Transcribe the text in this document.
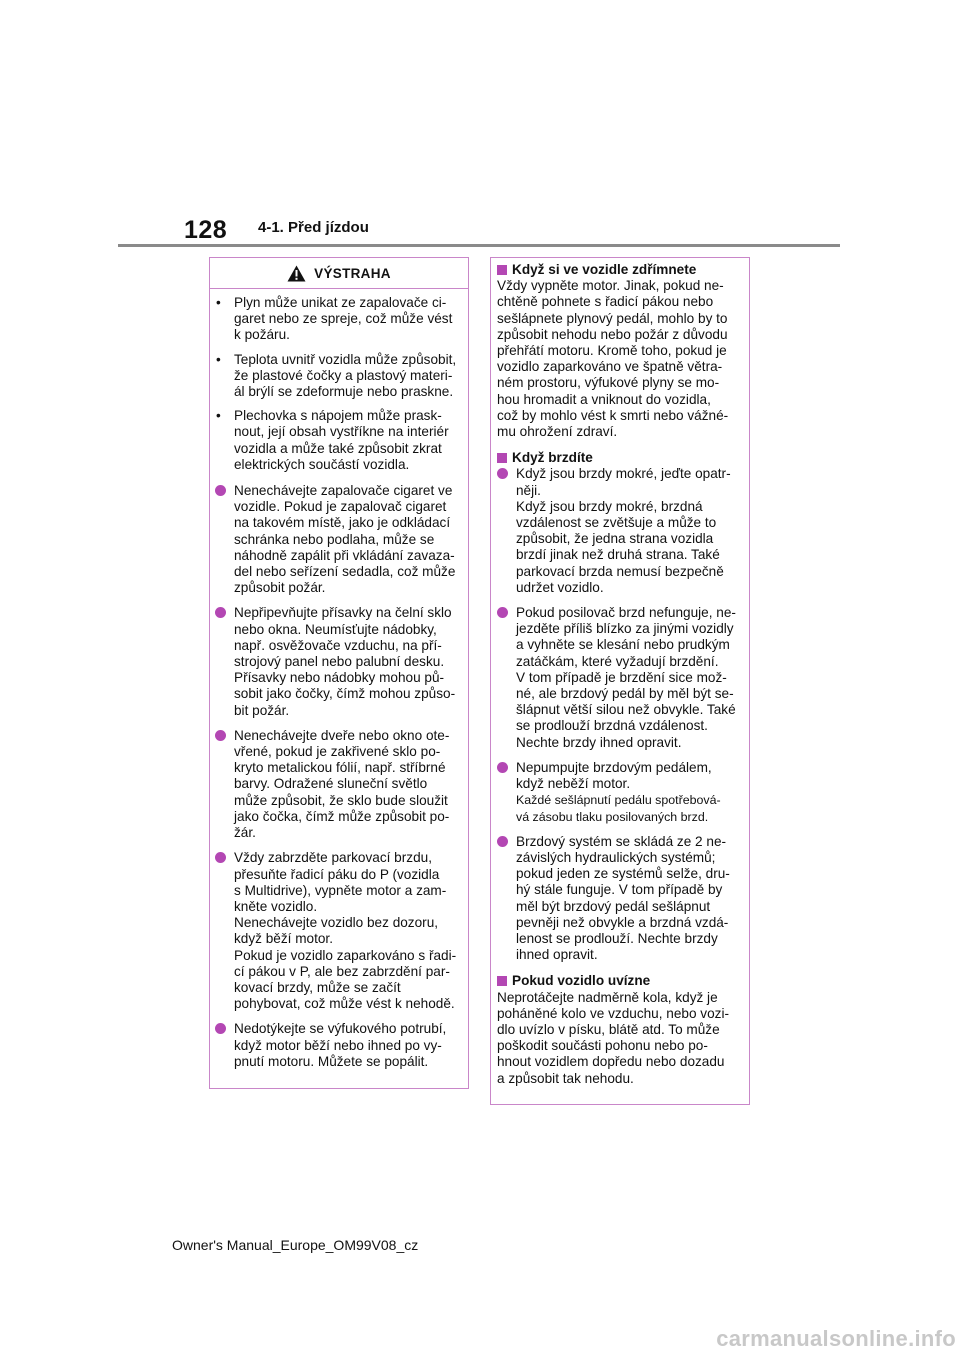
128 4-1. Před jízdou
VÝSTRAHA
• Plyn může unikat ze zapalovače ci-
garet nebo ze spreje, což může vést
k požáru.
• Teplota uvnitř vozidla může způsobit,
že plastové čočky a plastový materi-
ál brýlí se zdeformuje nebo praskne.
• Plechovka s nápojem může prask-
nout, její obsah vystříkne na interiér
vozidla a může také způsobit zkrat
elektrických součástí vozidla.
Nenechávejte zapalovače cigaret ve
vozidle. Pokud je zapalovač cigaret
na takovém místě, jako je odkládací
schránka nebo podlaha, může se
náhodně zapálit při vkládání zavaza-
del nebo seřízení sedadla, což může
způsobit požár.
Nepřipevňujte přísavky na čelní sklo
nebo okna. Neumísťujte nádobky,
např. osvěžovače vzduchu, na pří-
strojový panel nebo palubní desku.
Přísavky nebo nádobky mohou pů-
sobit jako čočky, čímž mohou způso-
bit požár.
Nenechávejte dveře nebo okno ote-
vřené, pokud je zakřivené sklo po-
kryto metalickou fólií, např. stříbrné
barvy. Odražené sluneční světlo
může způsobit, že sklo bude sloužit
jako čočka, čímž může způsobit po-
žár.
Vždy zabrzděte parkovací brzdu,
přesuňte řadicí páku do P (vozidla
s Multidrive), vypněte motor a zam-
kněte vozidlo.
Nenechávejte vozidlo bez dozoru,
když běží motor.
Pokud je vozidlo zaparkováno s řadi-
cí pákou v P, ale bez zabrzdění par-
kovací brzdy, může se začít
pohybovat, což může vést k nehodě.
Nedotýkejte se výfukového potrubí,
když motor běží nebo ihned po vy-
pnutí motoru. Můžete se popálit.
Když si ve vozidle zdřímnete
Vždy vypněte motor. Jinak, pokud ne-
chtěně pohnete s řadicí pákou nebo
sešlápnete plynový pedál, mohlo by to
způsobit nehodu nebo požár z důvodu
přehřátí motoru. Kromě toho, pokud je
vozidlo zaparkováno ve špatně větra-
ném prostoru, výfukové plyny se mo-
hou hromadit a vniknout do vozidla,
což by mohlo vést k smrti nebo vážné-
mu ohrožení zdraví.
Když brzdíte
Když jsou brzdy mokré, jeďte opatr-
něji.
Když jsou brzdy mokré, brzdná
vzdálenost se zvětšuje a může to
způsobit, že jedna strana vozidla
brzdí jinak než druhá strana. Také
parkovací brzda nemusí bezpečně
udržet vozidlo.
Pokud posilovač brzd nefunguje, ne-
jezděte příliš blízko za jinými vozidly
a vyhněte se klesání nebo prudkým
zatáčkám, které vyžadují brzdění.
V tom případě je brzdění sice mož-
né, ale brzdový pedál by měl být se-
šlápnut větší silou než obvykle. Také
se prodlouží brzdná vzdálenost.
Nechte brzdy ihned opravit.
Nepumpujte brzdovým pedálem,
když neběží motor.
Každé sešlápnutí pedálu spotřebová-
vá zásobu tlaku posilovaných brzd.
Brzdový systém se skládá ze 2 ne-
závislých hydraulických systémů;
pokud jeden ze systémů selže, dru-
hý stále funguje. V tom případě by
měl být brzdový pedál sešlápnut
pevněji než obvykle a brzdná vzdá-
lenost se prodlouží. Nechte brzdy
ihned opravit.
Pokud vozidlo uvízne
Neprotáčejte nadměrně kola, když je
poháněné kolo ve vzduchu, nebo vozi-
dlo uvízlo v písku, blátě atd. To může
poškodit součásti pohonu nebo po-
hnout vozidlem dopředu nebo dozadu
a způsobit tak nehodu.
Owner's Manual_Europe_OM99V08_cz
carmanualsonline.info
